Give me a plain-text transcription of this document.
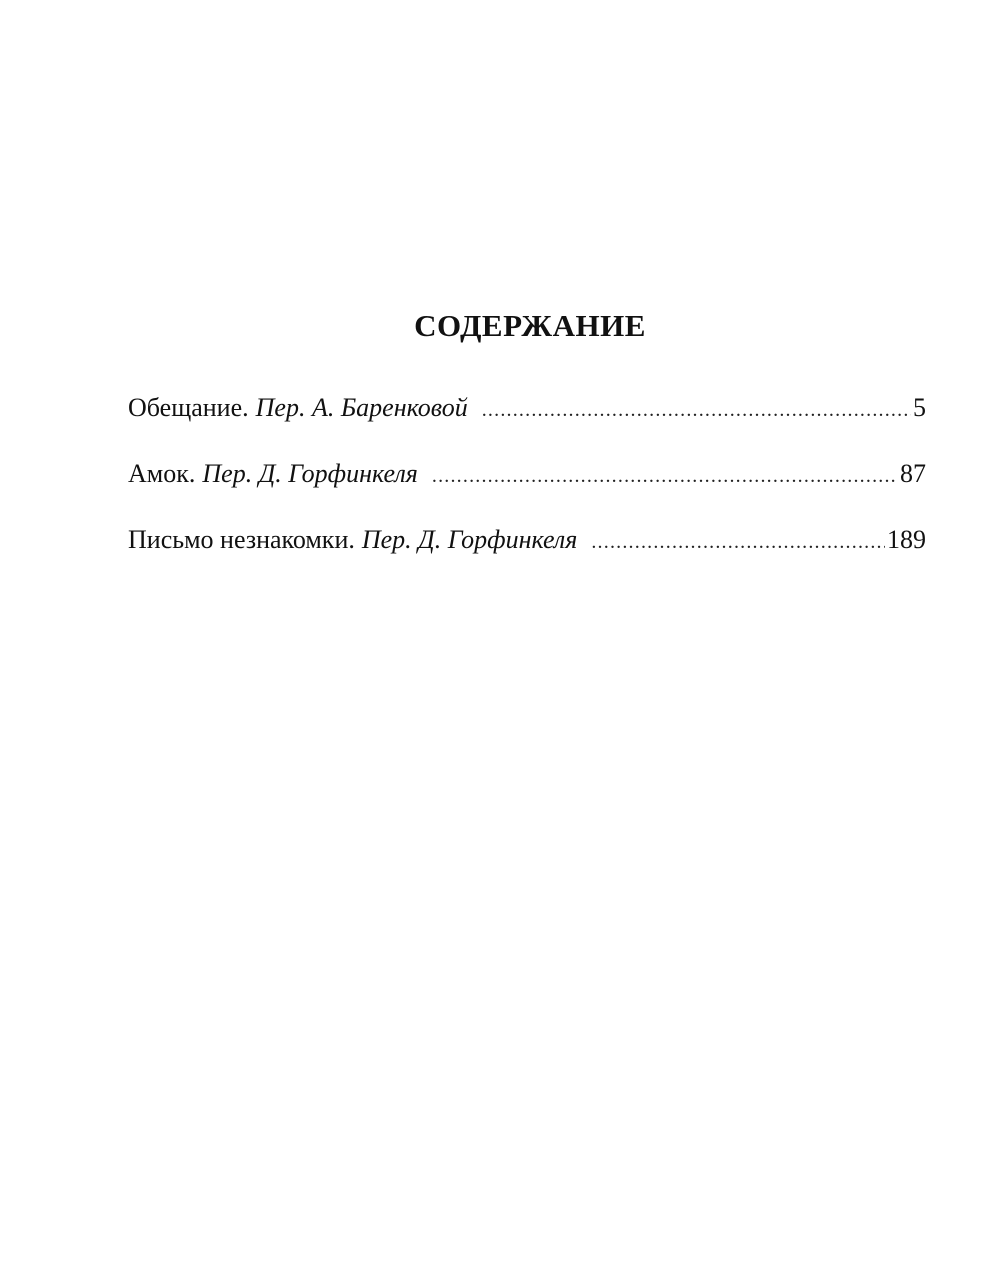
СОДЕРЖАНИЕ
Обещание. Пер. А. Баренковой .....	5
Амок. Пер. Д. Горфинкеля .....	87
Письмо незнакомки. Пер. Д. Горфинкеля .....	189
